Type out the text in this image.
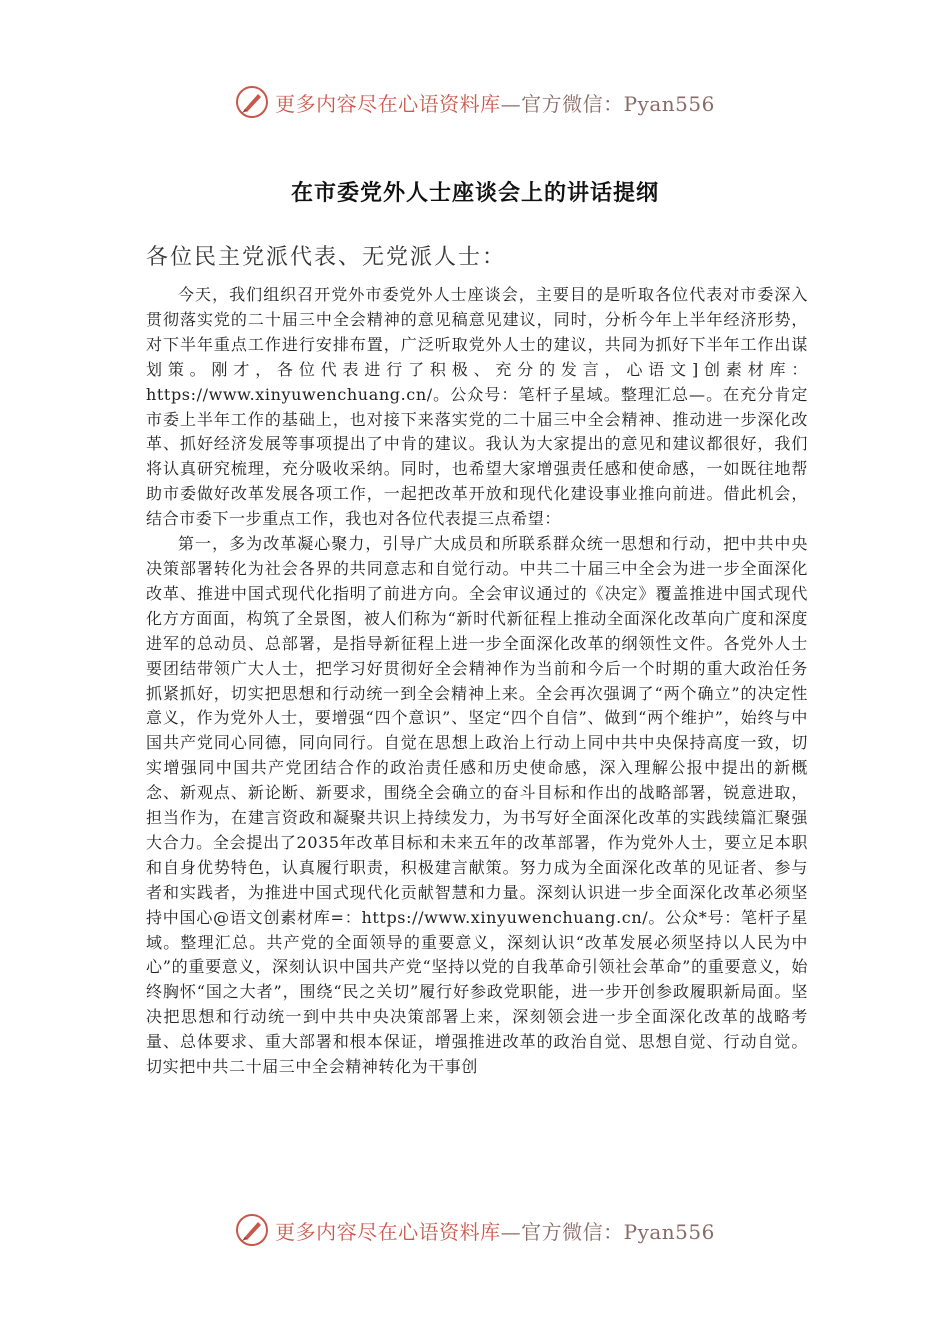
更多内容尽在心语资料库—官方微信：Pyan556
在市委党外人士座谈会上的讲话提纲
各位民主党派代表、无党派人士：

今天，我们组织召开党外市委党外人士座谈会，主要目的是听取各位代表对市委深入贯彻落实党的二十届三中全会精神的意见稿意见建议，同时，分析今年上半年经济形势，对下半年重点工作进行安排布置，广泛听取党外人士的建议，共同为抓好下半年工作出谋划策。刚才，各位代表进行了积极、充分的发言，心语文]创素材库：https://www.xinyuwenchuang.cn/。公众号：笔杆子星域。整理汇总—。在充分肯定市委上半年工作的基础上，也对接下来落实党的二十届三中全会精神、推动进一步深化改革、抓好经济发展等事项提出了中肯的建议。我认为大家提出的意见和建议都很好，我们将认真研究梳理，充分吸收采纳。同时，也希望大家增强责任感和使命感，一如既往地帮助市委做好改革发展各项工作，一起把改革开放和现代化建设事业推向前进。借此机会，结合市委下一步重点工作，我也对各位代表提三点希望：

第一，多为改革凝心聚力，引导广大成员和所联系群众统一思想和行动，把中共中央决策部署转化为社会各界的共同意志和自觉行动。中共二十届三中全会为进一步全面深化改革、推进中国式现代化指明了前进方向。全会审议通过的《决定》覆盖推进中国式现代化方方面面，构筑了全景图，被人们称为“新时代新征程上推动全面深化改革向广度和深度进军的总动员、总部署，是指导新征程上进一步全面深化改革的纲领性文件。各党外人士要团结带领广大人士，把学习好贯彻好全会精神作为当前和今后一个时期的重大政治任务抓紧抓好，切实把思想和行动统一到全会精神上来。全会再次强调了“两个确立”的决定性意义，作为党外人士，要增强“四个意识”、坚定“四个自信”、做到“两个维护”，始终与中国共产党同心同德，同向同行。自觉在思想上政治上行动上同中共中央保持高度一致，切实增强同中国共产党团结合作的政治责任感和历史使命感，深入理解公报中提出的新概念、新观点、新论断、新要求，围绕全会确立的奋斗目标和作出的战略部署，锐意进取，担当作为，在建言资政和凝聚共识上持续发力，为书写好全面深化改革的实践续篇汇聚强大合力。全会提出了2035年改革目标和未来五年的改革部署，作为党外人士，要立足本职和自身优势特色，认真履行职责，积极建言献策。努力成为全面深化改革的见证者、参与者和实践者，为推进中国式现代化贡献智慧和力量。深刻认识进一步全面深化改革必须坚持中国心@语文创素材库=：https://www.xinyuwenchuang.cn/。公众*号：笔杆子星域。整理汇总。共产党的全面领导的重要意义，深刻认识“改革发展必须坚持以人民为中心”的重要意义，深刻认识中国共产党“坚持以党的自我革命引领社会革命”的重要意义，始终胸怀“国之大者”，围绕“民之关切”履行好参政党职能，进一步开创参政履职新局面。坚决把思想和行动统一到中共中央决策部署上来，深刻领会进一步全面深化改革的战略考量、总体要求、重大部署和根本保证，增强推进改革的政治自觉、思想自觉、行动自觉。切实把中共二十届三中全会精神转化为干事创

更多内容尽在心语资料库—官方微信：Pyan556
